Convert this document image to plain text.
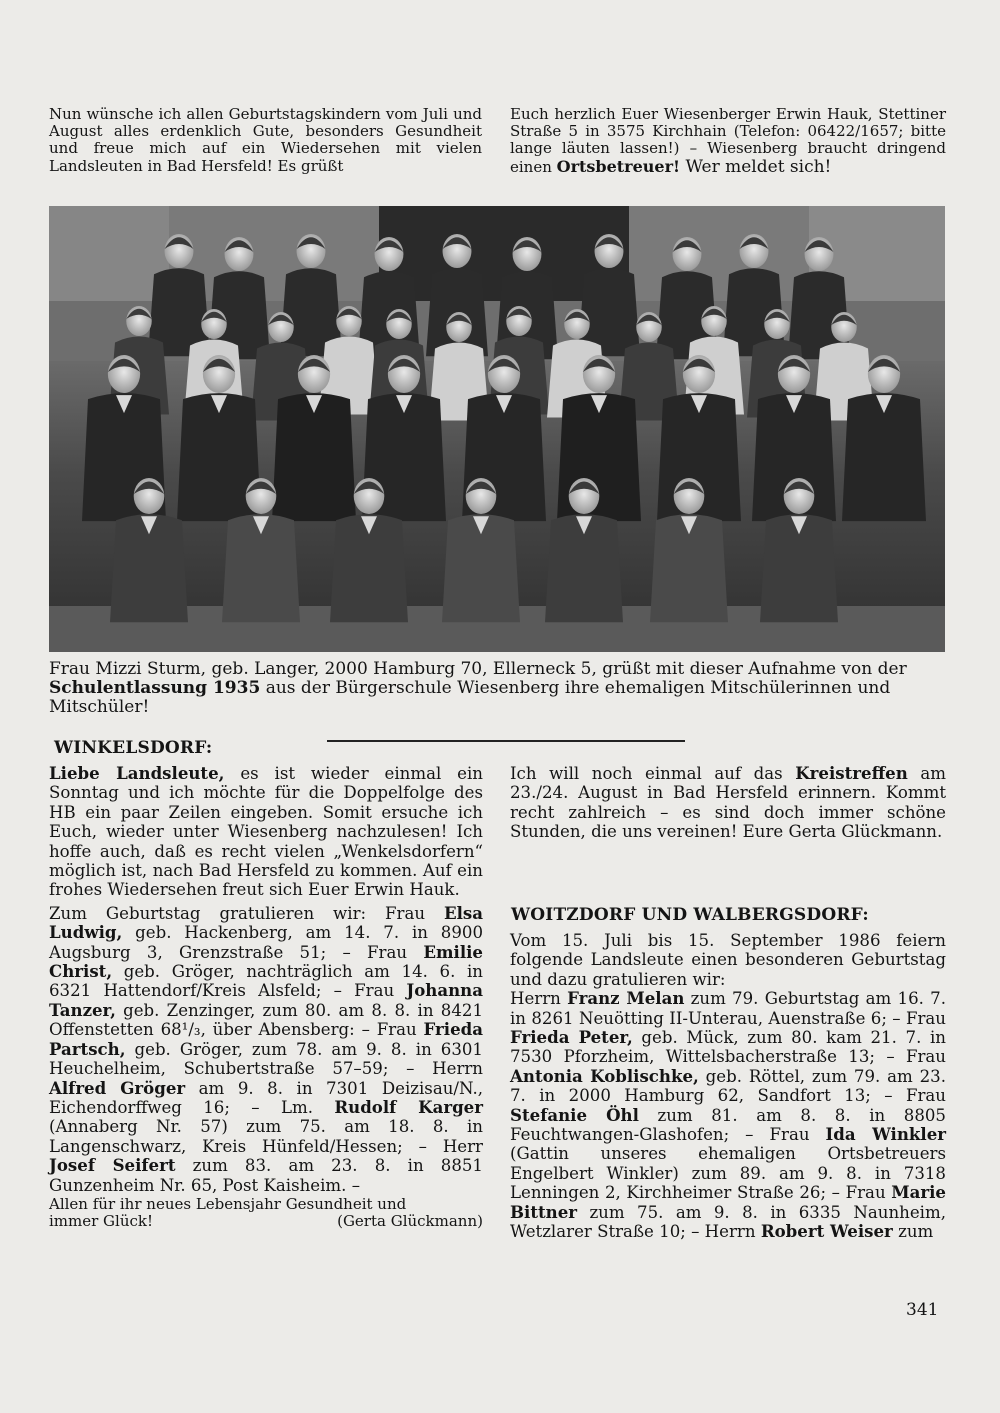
Nun wünsche ich allen Geburtstagskindern vom Juli und August alles erdenklich Gute, besonders Gesundheit und freue mich auf ein Wiedersehen mit vielen Landsleuten in Bad Hersfeld! Es grüßt

Euch herzlich Euer Wiesenberger Erwin Hauk, Stettiner Straße 5 in 3575 Kirchhain (Telefon: 06422/1657; bitte lange läuten lassen!) – Wiesenberg braucht dringend einen Ortsbetreuer! Wer meldet sich!

Frau Mizzi Sturm, geb. Langer, 2000 Hamburg 70, Ellerneck 5, grüßt mit dieser Aufnahme von der Schulentlassung 1935 aus der Bürgerschule Wiesenberg ihre ehemaligen Mitschülerinnen und Mitschüler!
WINKELSDORF:

Liebe Landsleute, es ist wieder einmal ein Sonntag und ich möchte für die Doppelfolge des HB ein paar Zeilen eingeben. Somit ersuche ich Euch, wieder unter Wiesenberg nachzulesen! Ich hoffe auch, daß es recht vielen „Wenkelsdorfern“ möglich ist, nach Bad Hersfeld zu kommen. Auf ein frohes Wiedersehen freut sich Euer Erwin Hauk.

Zum Geburtstag gratulieren wir: Frau Elsa Ludwig, geb. Hackenberg, am 14. 7. in 8900 Augsburg 3, Grenzstraße 51; – Frau Emilie Christ, geb. Gröger, nachträglich am 14. 6. in 6321 Hattendorf/Kreis Alsfeld; – Frau Johanna Tanzer, geb. Zenzinger, zum 80. am 8. 8. in 8421 Offenstetten 68¹/₃, über Abensberg: – Frau Frieda Partsch, geb. Gröger, zum 78. am 9. 8. in 6301 Heuchelheim, Schubertstraße 57–59; – Herrn Alfred Gröger am 9. 8. in 7301 Deizisau/N., Eichendorffweg 16; – Lm. Rudolf Karger (Annaberg Nr. 57) zum 75. am 18. 8. in Langenschwarz, Kreis Hünfeld/Hessen; – Herr Josef Seifert zum 83. am 23. 8. in 8851 Gunzenheim Nr. 65, Post Kaisheim. –

Allen für ihr neues Lebensjahr Gesundheit und
immer Glück!	(Gerta Glückmann)

Ich will noch einmal auf das Kreistreffen am 23./24. August in Bad Hersfeld erinnern. Kommt recht zahlreich – es sind doch immer schöne Stunden, die uns vereinen! Eure Gerta Glückmann.

WOITZDORF UND WALBERGSDORF:

Vom 15. Juli bis 15. September 1986 feiern folgende Landsleute einen besonderen Geburtstag und dazu gratulieren wir:

Herrn Franz Melan zum 79. Geburtstag am 16. 7. in 8261 Neuötting II-Unterau, Auenstraße 6; – Frau Frieda Peter, geb. Mück, zum 80. kam 21. 7. in 7530 Pforzheim, Wittelsbacherstraße 13; – Frau Antonia Koblischke, geb. Röttel, zum 79. am 23. 7. in 2000 Hamburg 62, Sandfort 13; – Frau Stefanie Öhl zum 81. am 8. 8. in 8805 Feuchtwangen-Glashofen; – Frau Ida Winkler (Gattin unseres ehemaligen Ortsbetreuers Engelbert Winkler) zum 89. am 9. 8. in 7318 Lenningen 2, Kirchheimer Straße 26; – Frau Marie Bittner zum 75. am 9. 8. in 6335 Naunheim, Wetzlarer Straße 10; – Herrn Robert Weiser zum

341
